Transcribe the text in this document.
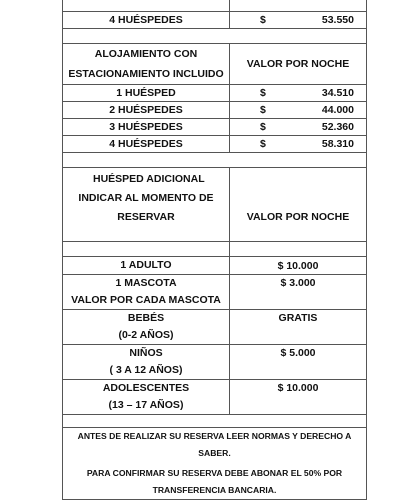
4 HUÉSPEDES	$ 53.550

ALOJAMIENTO CON
ESTACIONAMIENTO INCLUIDO	VALOR POR NOCHE
1 HUÉSPED	$ 34.510

2 HUÉSPEDES	$ 44.000

3 HUÉSPEDES	$ 52.360

4 HUÉSPEDES	$ 58.310

HUÉSPED ADICIONAL
INDICAR AL MOMENTO DE
RESERVAR	VALOR POR NOCHE

1 ADULTO	$ 10.000

1 MASCOTA
VALOR POR CADA MASCOTA	$ 3.000

BEBÉS
(0-2 AÑOS)	GRATIS

NIÑOS
( 3 A 12 AÑOS)	$ 5.000

ADOLESCENTES
(13 – 17 AÑOS)	$ 10.000

ANTES DE REALIZAR SU RESERVA LEER NORMAS Y DERECHO A SABER.
PARA CONFIRMAR SU RESERVA DEBE ABONAR EL 50% POR
TRANSFERENCIA BANCARIA.	
